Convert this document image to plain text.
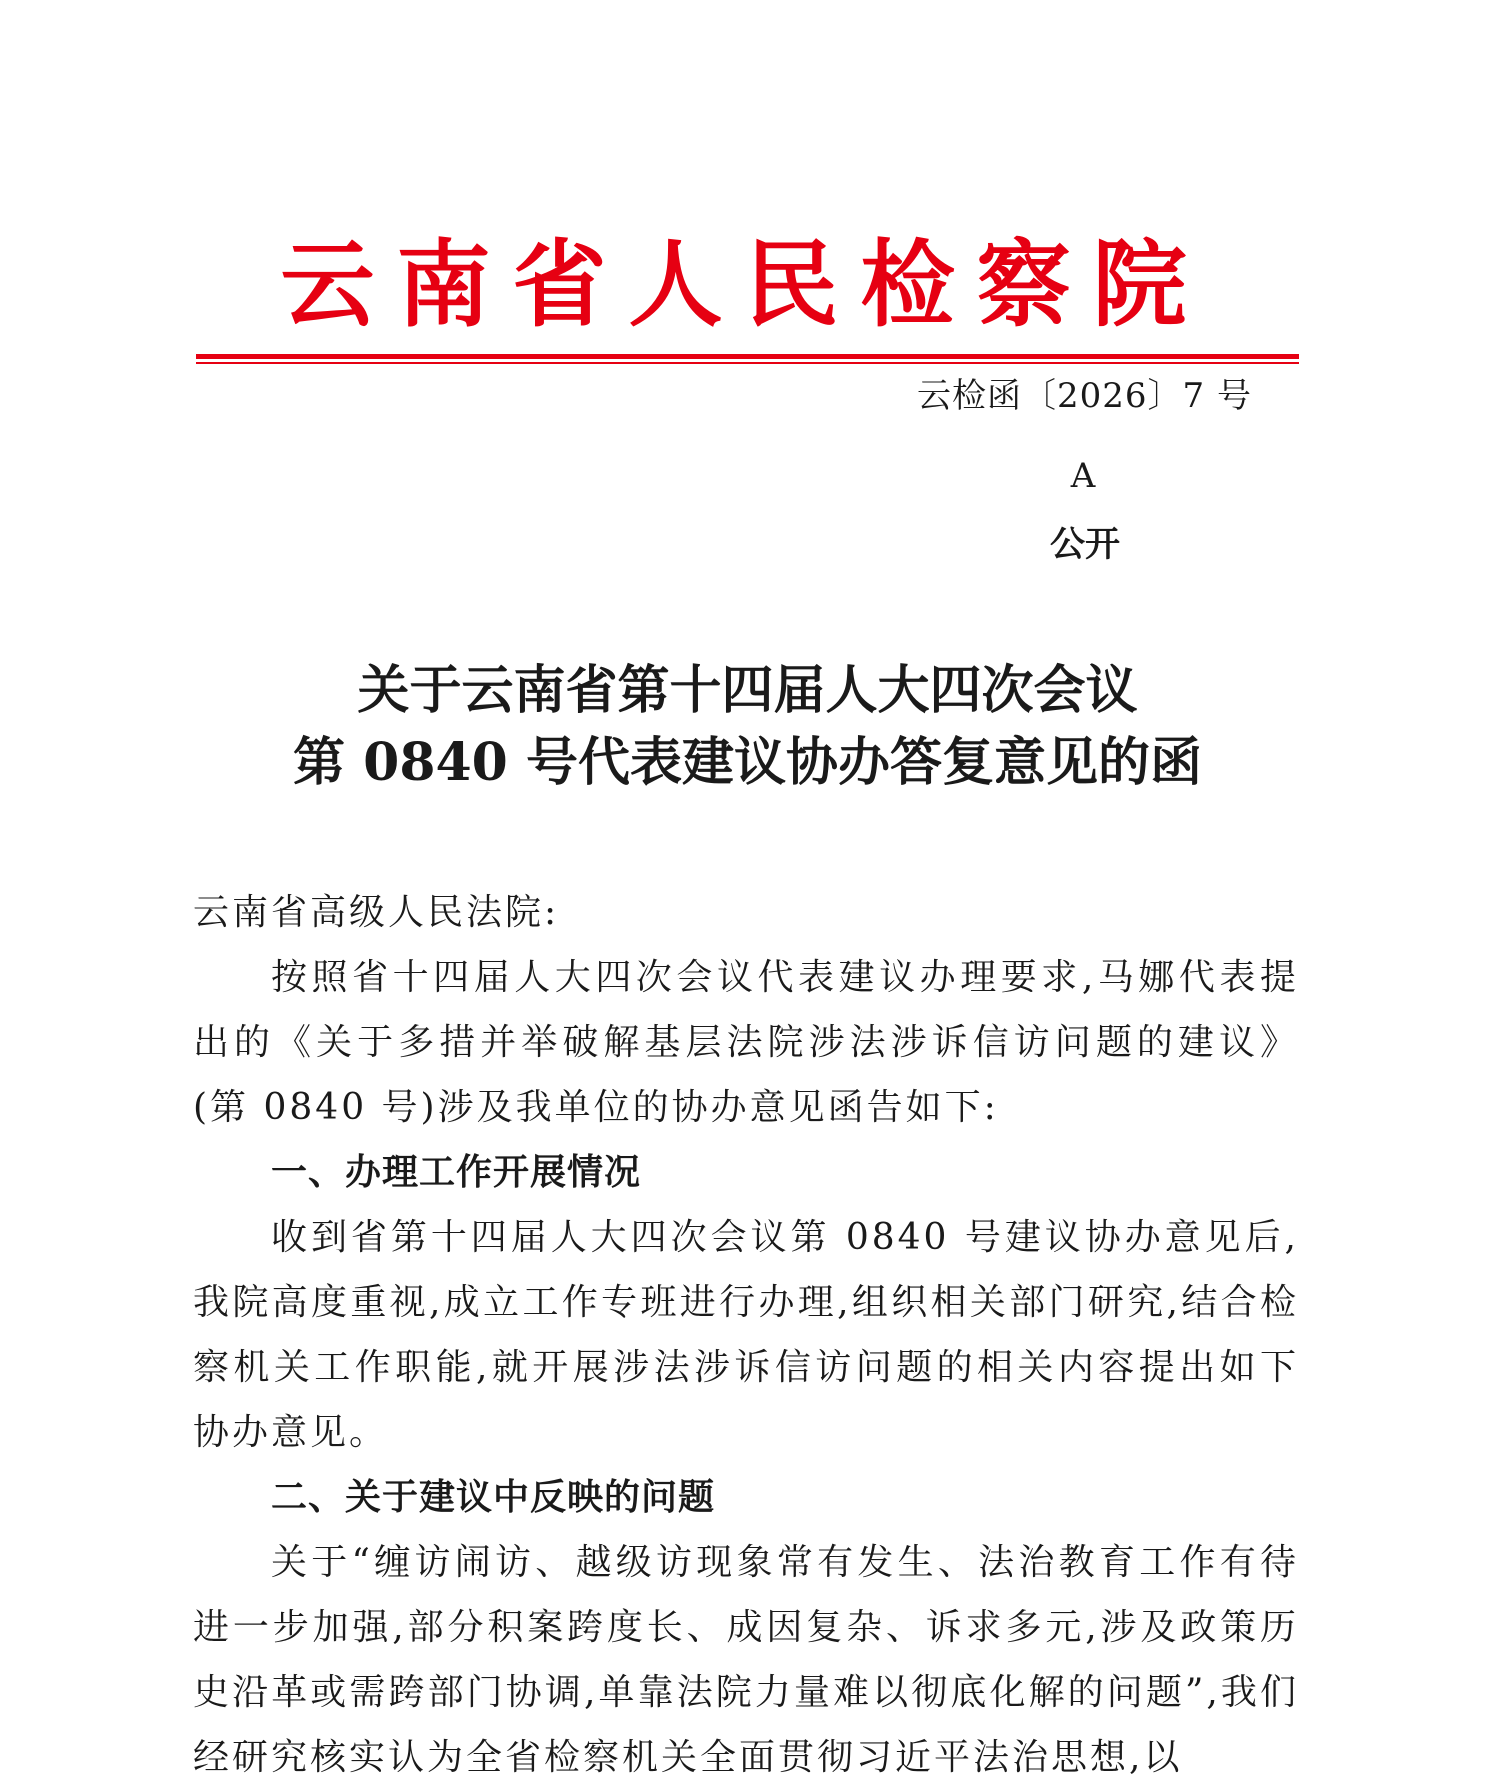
云南省人民检察院
云检函〔2026〕7 号
A
公开
关于云南省第十四届人大四次会议
第 0840 号代表建议协办答复意见的函

云南省高级人民法院:

按照省十四届人大四次会议代表建议办理要求,马娜代表提出的《关于多措并举破解基层法院涉法涉诉信访问题的建议》(第 0840 号)涉及我单位的协办意见函告如下:

一、办理工作开展情况

收到省第十四届人大四次会议第 0840 号建议协办意见后,我院高度重视,成立工作专班进行办理,组织相关部门研究,结合检察机关工作职能,就开展涉法涉诉信访问题的相关内容提出如下协办意见。

二、关于建议中反映的问题

关于“缠访闹访、越级访现象常有发生、法治教育工作有待进一步加强,部分积案跨度长、成因复杂、诉求多元,涉及政策历史沿革或需跨部门协调,单靠法院力量难以彻底化解的问题”,我们经研究核实认为全省检察机关全面贯彻习近平法治思想,以
